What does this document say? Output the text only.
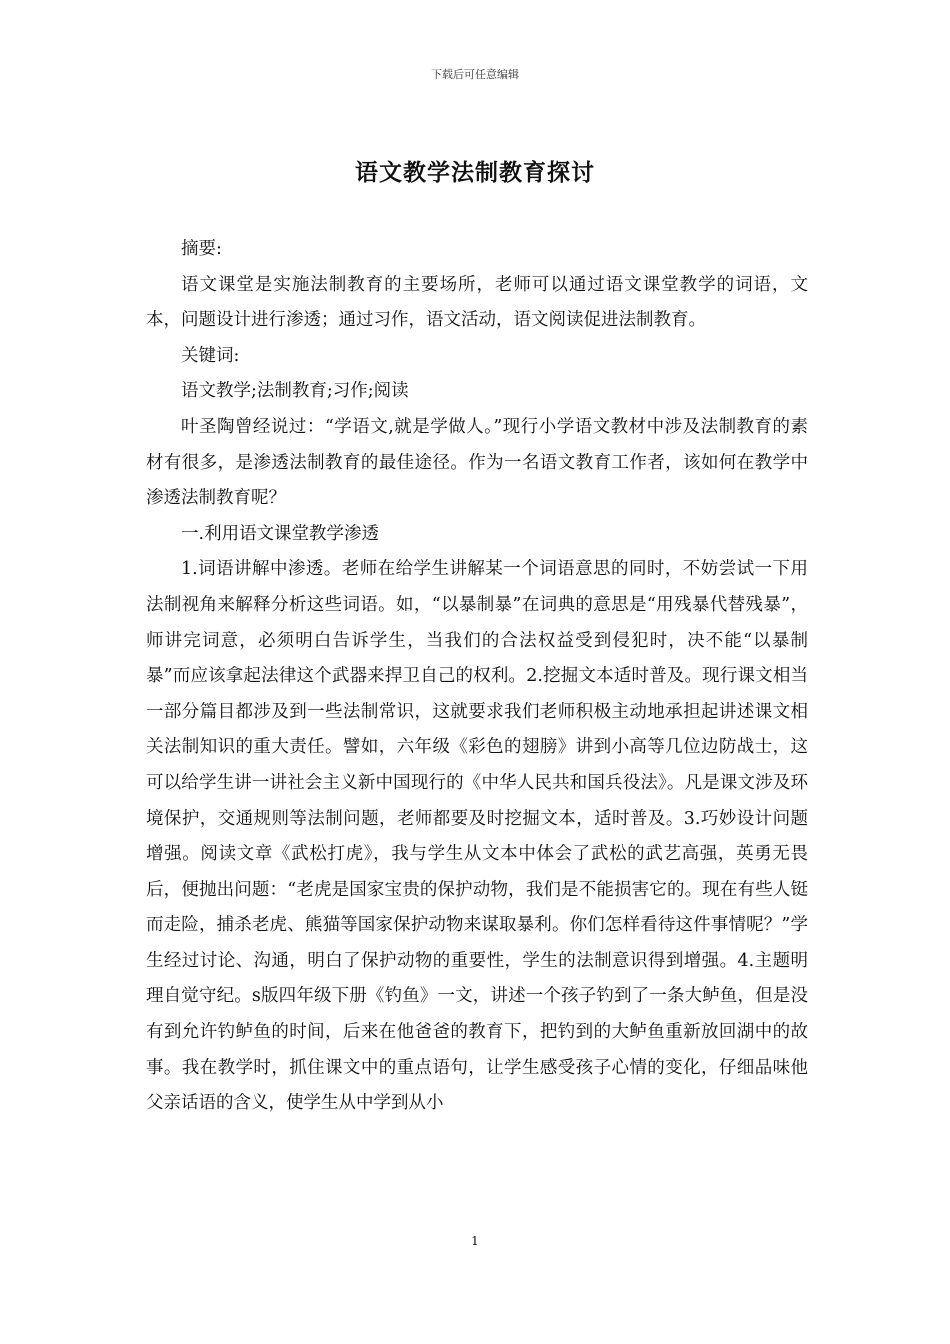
下载后可任意编辑
语文教学法制教育探讨

摘要:

语文课堂是实施法制教育的主要场所，老师可以通过语文课堂教学的词语，文本，问题设计进行渗透；通过习作，语文活动，语文阅读促进法制教育。

关键词:

语文教学;法制教育;习作;阅读

叶圣陶曾经说过：“学语文,就是学做人。”现行小学语文教材中涉及法制教育的素材有很多，是渗透法制教育的最佳途径。作为一名语文教育工作者，该如何在教学中渗透法制教育呢？

一.利用语文课堂教学渗透

1.词语讲解中渗透。老师在给学生讲解某一个词语意思的同时，不妨尝试一下用法制视角来解释分析这些词语。如，“以暴制暴”在词典的意思是“用残暴代替残暴”，师讲完词意，必须明白告诉学生，当我们的合法权益受到侵犯时，决不能“以暴制暴”而应该拿起法律这个武器来捍卫自己的权利。2.挖掘文本适时普及。现行课文相当一部分篇目都涉及到一些法制常识，这就要求我们老师积极主动地承担起讲述课文相关法制知识的重大责任。譬如，六年级《彩色的翅膀》讲到小高等几位边防战士，这可以给学生讲一讲社会主义新中国现行的《中华人民共和国兵役法》。凡是课文涉及环境保护，交通规则等法制问题，老师都要及时挖掘文本，适时普及。3.巧妙设计问题增强。阅读文章《武松打虎》，我与学生从文本中体会了武松的武艺高强，英勇无畏后，便抛出问题：“老虎是国家宝贵的保护动物，我们是不能损害它的。现在有些人铤而走险，捕杀老虎、熊猫等国家保护动物来谋取暴利。你们怎样看待这件事情呢？”学生经过讨论、沟通，明白了保护动物的重要性，学生的法制意识得到增强。4.主题明理自觉守纪。s版四年级下册《钓鱼》一文，讲述一个孩子钓到了一条大鲈鱼，但是没有到允许钓鲈鱼的时间，后来在他爸爸的教育下，把钓到的大鲈鱼重新放回湖中的故事。我在教学时，抓住课文中的重点语句，让学生感受孩子心情的变化，仔细品味他父亲话语的含义，使学生从中学到从小

1
